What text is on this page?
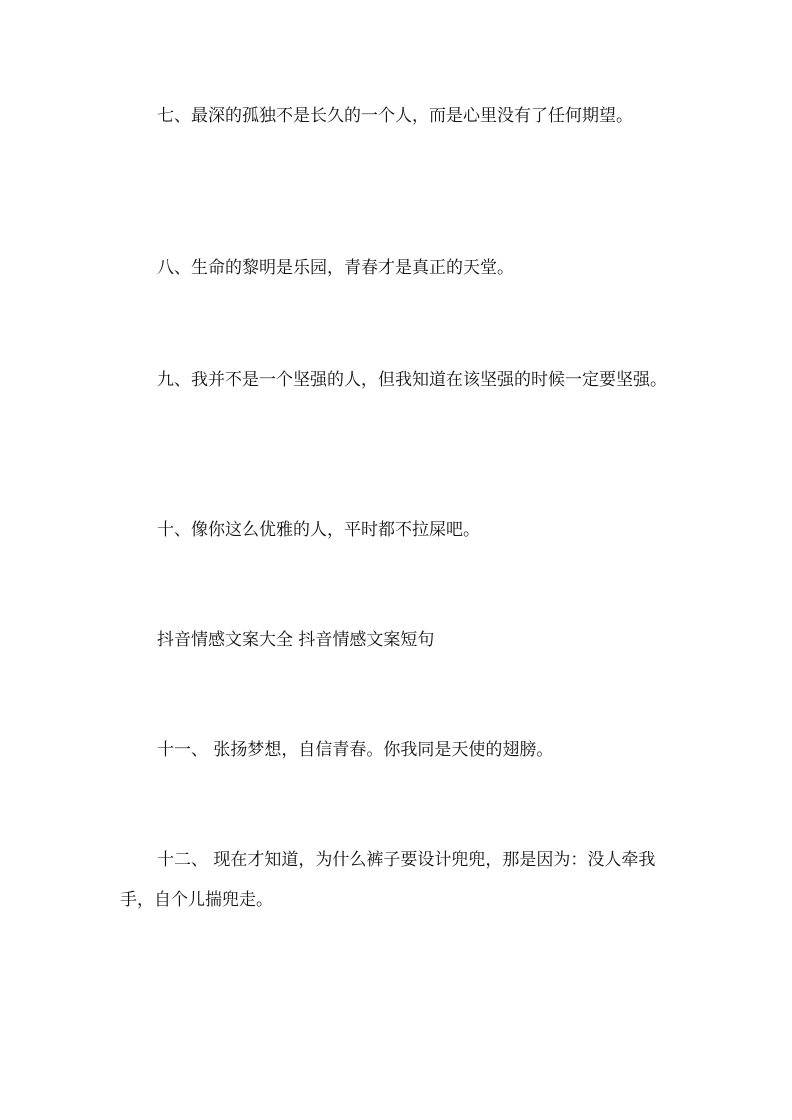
七、最深的孤独不是长久的一个人，而是心里没有了任何期望。

八、生命的黎明是乐园，青春才是真正的天堂。

九、我并不是一个坚强的人，但我知道在该坚强的时候一定要坚强。

十、像你这么优雅的人，平时都不拉屎吧。

抖音情感文案大全 抖音情感文案短句

十一、 张扬梦想，自信青春。你我同是天使的翅膀。

十二、 现在才知道，为什么裤子要设计兜兜，那是因为：没人牵我手，自个儿揣兜走。
